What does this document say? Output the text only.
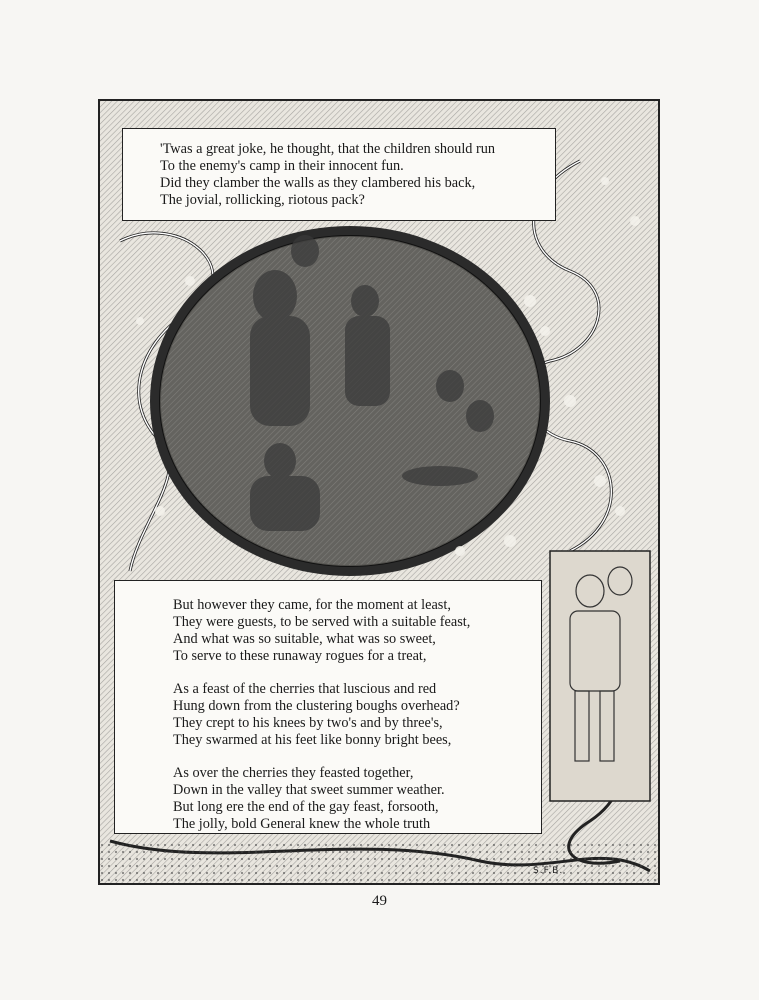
'Twas a great joke, he thought, that the children should run
To the enemy's camp in their innocent fun.
Did they clamber the walls as they clambered his back,
The jovial, rollicking, riotous pack?
But however they came, for the moment at least,
They were guests, to be served with a suitable feast,
And what was so suitable, what was so sweet,
To serve to these runaway rogues for a treat,
As a feast of the cherries that luscious and red
Hung down from the clustering boughs overhead?
They crept to his knees by two's and by three's,
They swarmed at his feet like bonny bright bees,
As over the cherries they feasted together,
Down in the valley that sweet summer weather.
But long ere the end of the gay feast, forsooth,
The jolly, bold General knew the whole truth
S.F.B.
49
